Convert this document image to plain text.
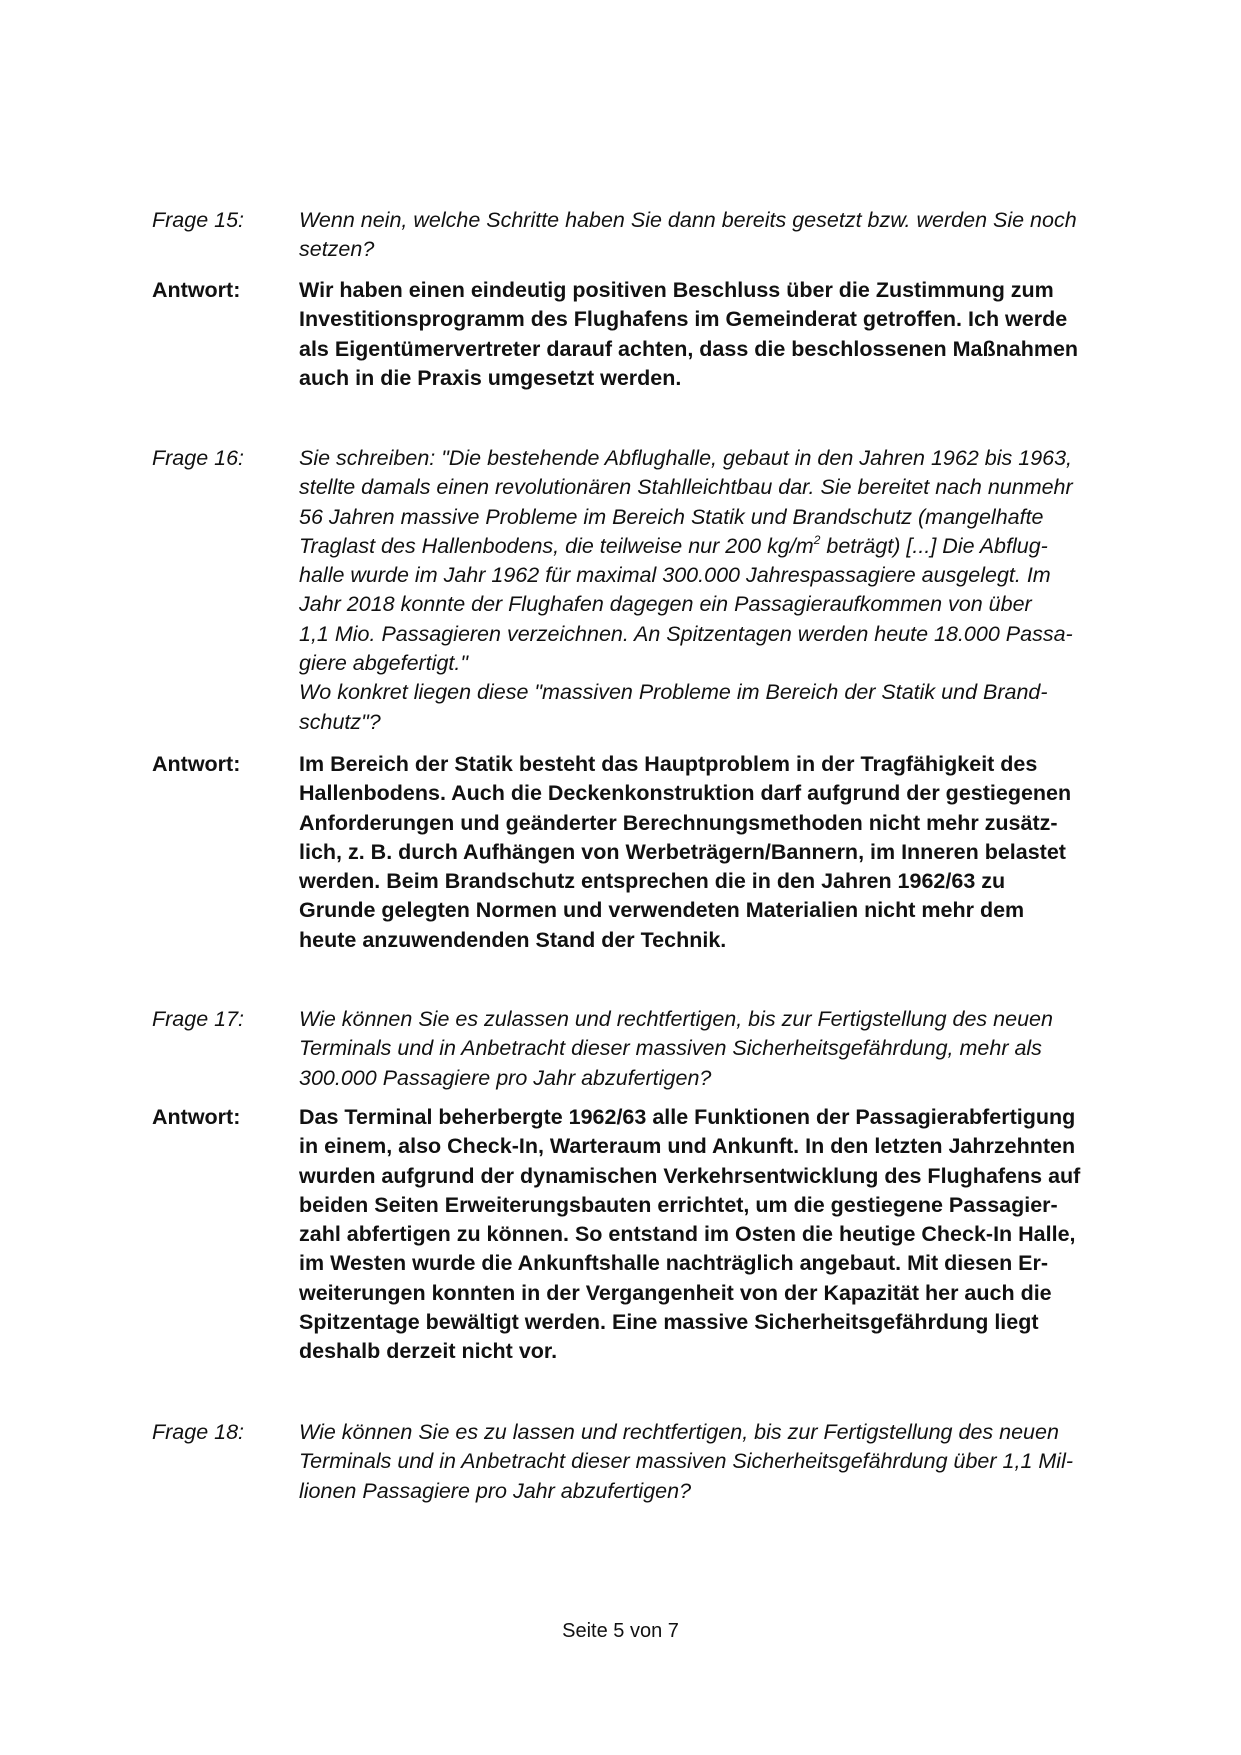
Frage 15:	Wenn nein, welche Schritte haben Sie dann bereits gesetzt bzw. werden Sie noch
setzen?
Antwort:	Wir haben einen eindeutig positiven Beschluss über die Zustimmung zum
Investitionsprogramm des Flughafens im Gemeinderat getroffen. Ich werde
als Eigentümervertreter darauf achten, dass die beschlossenen Maßnahmen
auch in die Praxis umgesetzt werden.
Frage 16:	Sie schreiben: "Die bestehende Abflughalle, gebaut in den Jahren 1962 bis 1963,
stellte damals einen revolutionären Stahlleichtbau dar. Sie bereitet nach nunmehr
56 Jahren massive Probleme im Bereich Statik und Brandschutz (mangelhafte
Traglast des Hallenbodens, die teilweise nur 200 $kg/m^2$ beträgt) [...] Die Abflug-
halle wurde im Jahr 1962 für maximal 300.000 Jahrespassagiere ausgelegt. Im
Jahr 2018 konnte der Flughafen dagegen ein Passagieraufkommen von über
1,1 Mio. Passagieren verzeichnen. An Spitzentagen werden heute 18.000 Passa-
giere abgefertigt."
Wo konkret liegen diese "massiven Probleme im Bereich der Statik und Brand-
schutz"?
Antwort:	Im Bereich der Statik besteht das Hauptproblem in der Tragfähigkeit des
Hallenbodens. Auch die Deckenkonstruktion darf aufgrund der gestiegenen
Anforderungen und geänderter Berechnungsmethoden nicht mehr zusätz-
lich, z. B. durch Aufhängen von Werbeträgern/Bannern, im Inneren belastet
werden. Beim Brandschutz entsprechen die in den Jahren 1962/63 zu
Grunde gelegten Normen und verwendeten Materialien nicht mehr dem
heute anzuwendenden Stand der Technik.
Frage 17:	Wie können Sie es zulassen und rechtfertigen, bis zur Fertigstellung des neuen
Terminals und in Anbetracht dieser massiven Sicherheitsgefährdung, mehr als
300.000 Passagiere pro Jahr abzufertigen?
Antwort:	Das Terminal beherbergte 1962/63 alle Funktionen der Passagierabfertigung
in einem, also Check-In, Warteraum und Ankunft. In den letzten Jahrzehnten
wurden aufgrund der dynamischen Verkehrsentwicklung des Flughafens auf
beiden Seiten Erweiterungsbauten errichtet, um die gestiegene Passagier-
zahl abfertigen zu können. So entstand im Osten die heutige Check-In Halle,
im Westen wurde die Ankunftshalle nachträglich angebaut. Mit diesen Er-
weiterungen konnten in der Vergangenheit von der Kapazität her auch die
Spitzentage bewältigt werden. Eine massive Sicherheitsgefährdung liegt
deshalb derzeit nicht vor.
Frage 18:	Wie können Sie es zu lassen und rechtfertigen, bis zur Fertigstellung des neuen
Terminals und in Anbetracht dieser massiven Sicherheitsgefährdung über 1,1 Mil-
lionen Passagiere pro Jahr abzufertigen?
Seite 5 von 7
